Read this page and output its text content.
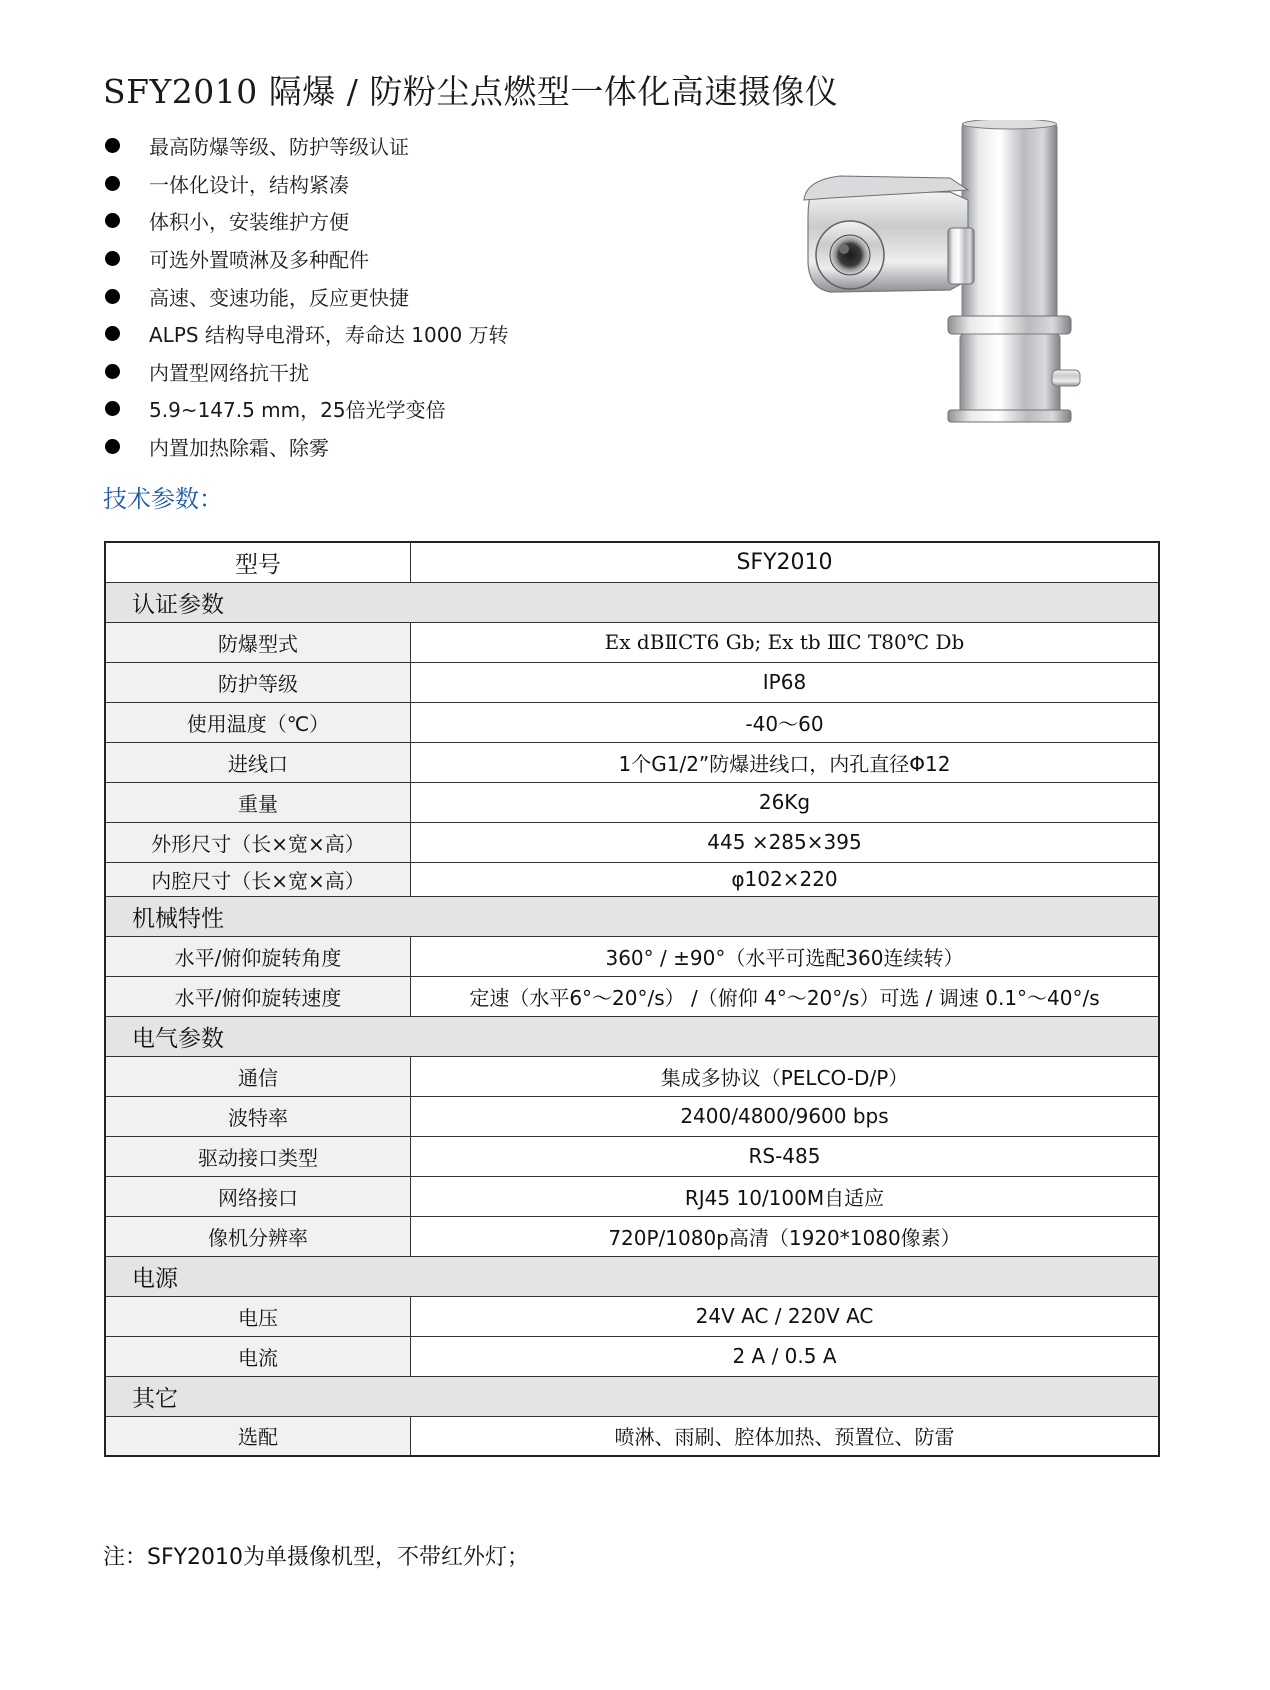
SFY2010 隔爆 / 防粉尘点燃型一体化高速摄像仪
最高防爆等级、防护等级认证
一体化设计，结构紧凑
体积小，安装维护方便
可选外置喷淋及多种配件
高速、变速功能，反应更快捷
ALPS 结构导电滑环，寿命达 1000 万转
内置型网络抗干扰
5.9~147.5 mm，25倍光学变倍
内置加热除霜、除雾
技术参数：
型号	SFY2010
认证参数	
防爆型式	Ex dBⅡCT6 Gb; Ex tb ⅢC T80℃ Db
防护等级	IP68
使用温度（℃）	-40～60
进线口	1个G1/2”防爆进线口，内孔直径Φ12
重量	26Kg
外形尺寸（长×宽×高）	445 ×285×395
内腔尺寸（长×宽×高）	φ102×220
机械特性	
水平/俯仰旋转角度	360° / ±90°（水平可选配360连续转）
水平/俯仰旋转速度	定速（水平6°～20°/s） /（俯仰 4°～20°/s）可选 / 调速 0.1°～40°/s
电气参数	
通信	集成多协议（PELCO-D/P）
波特率	2400/4800/9600 bps
驱动接口类型	RS-485
网络接口	RJ45 10/100M自适应
像机分辨率	720P/1080p高清（1920*1080像素）
电源	
电压	24V AC / 220V AC
电流	2 A / 0.5 A
其它	
选配	喷淋、雨刷、腔体加热、预置位、防雷
注：SFY2010为单摄像机型，不带红外灯；
